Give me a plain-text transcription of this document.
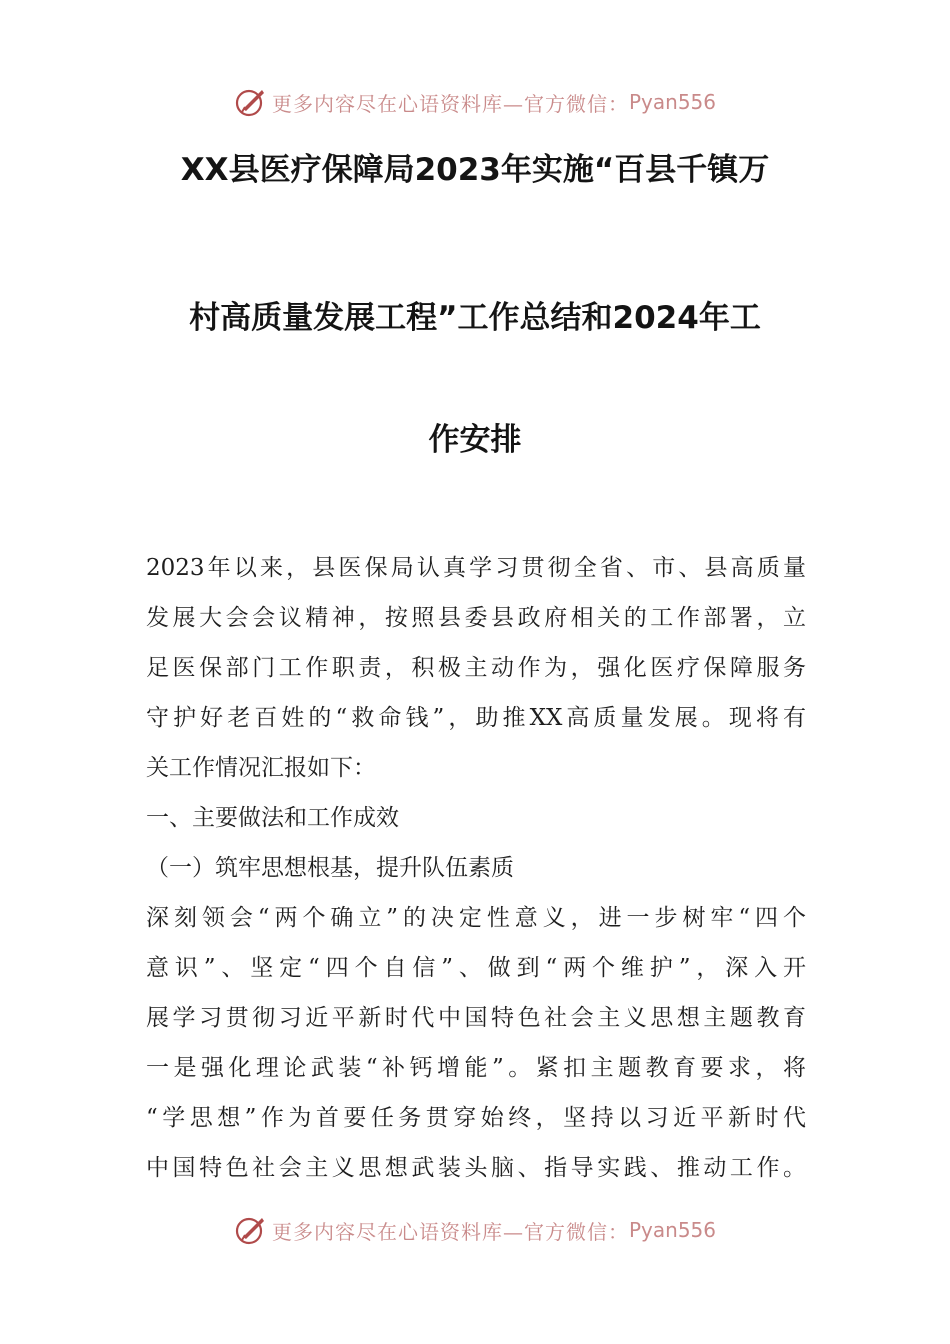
更多内容尽在心语资料库—官方微信： Pyan556
XX县医疗保障局2023年实施“百县千镇万
村高质量发展工程”工作总结和2024年工
作安排
2023年以来，县医保局认真学习贯彻全省、市、县高质量
发展大会会议精神，按照县委县政府相关的工作部署，立
足医保部门工作职责，积极主动作为，强化医疗保障服务
守护好老百姓的“救命钱”，助推XX高质量发展。现将有
关工作情况汇报如下：
一、主要做法和工作成效
（一）筑牢思想根基，提升队伍素质
深刻领会“两个确立”的决定性意义，进一步树牢“四个
意识”、坚定“四个自信”、做到“两个维护”，深入开
展学习贯彻习近平新时代中国特色社会主义思想主题教育
一是强化理论武装“补钙增能”。紧扣主题教育要求，将
“学思想”作为首要任务贯穿始终，坚持以习近平新时代
中国特色社会主义思想武装头脑、指导实践、推动工作。
更多内容尽在心语资料库—官方微信： Pyan556
